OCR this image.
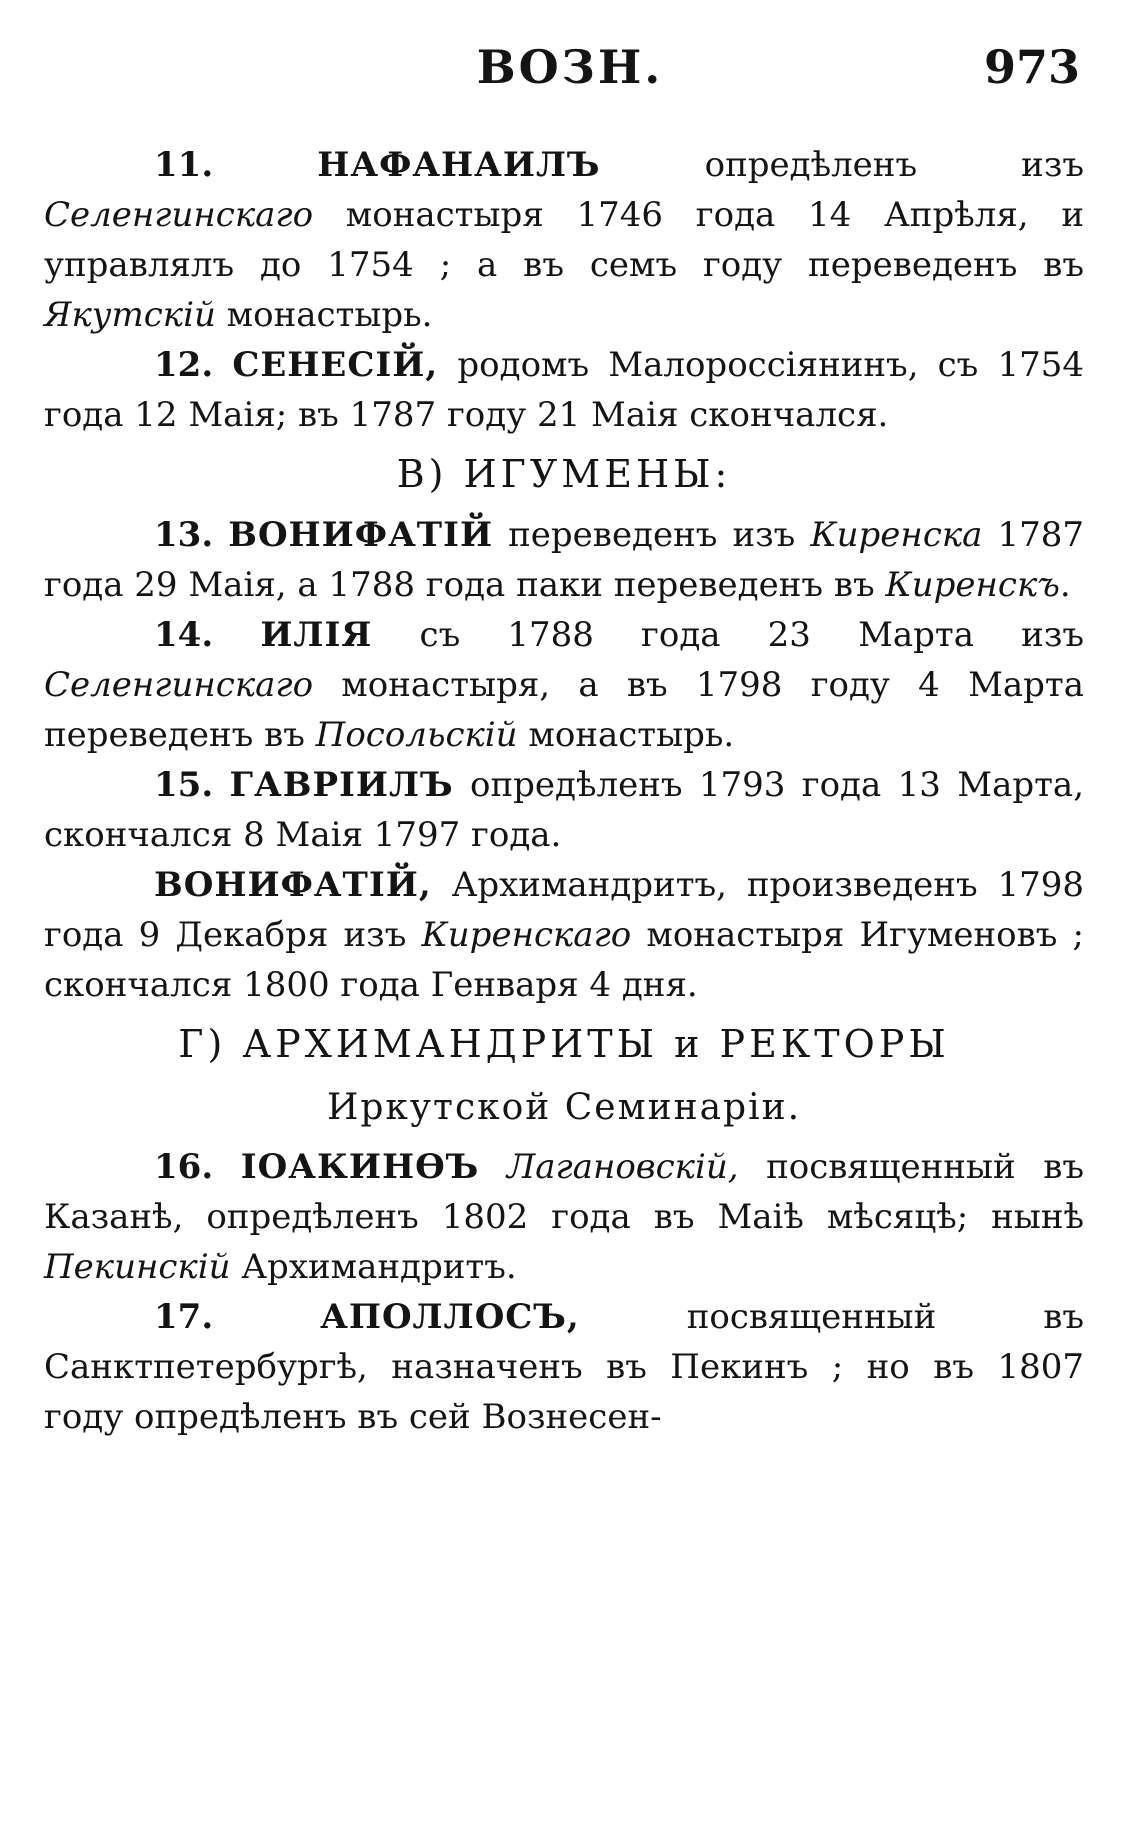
ВОЗН.	973

11.	НАФАНАИЛЪ опредѣленъ изъ Селенгинскаго монастыря 1746 года 14 Апрѣля, и управлялъ до 1754 ; а въ семъ году переведенъ въ Якутскій монастырь.

12. СЕНЕСІЙ, родомъ Малороссіянинъ, съ 1754 года 12 Маія; въ 1787 году 21 Маія скончался.

В) ИГУМЕНЫ:

13. ВОНИФАТІЙ переведенъ изъ Киренска 1787 года 29 Маія, а 1788 года паки переведенъ въ Киренскъ.

14. ИЛІЯ съ 1788 года 23 Марта изъ Селенгинскаго монастыря, а въ 1798 году 4 Марта переведенъ въ Посольскій монастырь.

15. ГАВРІИЛЪ опредѣленъ 1793 года 13 Марта, скончался 8 Маія 1797 года.

ВОНИФАТІЙ, Архимандритъ, произведенъ 1798 года 9 Декабря изъ Киренскаго монастыря Игуменовъ ; скончался 1800 года Генваря 4 дня.

Г) АРХИМАНДРИТЫ и РЕКТОРЫ
Иркутской Семинаріи.

16. ІОАКИНѲЪ Лагановскій, посвященный въ Казанѣ, опредѣленъ 1802 года въ Маіѣ мѣсяцѣ; нынѣ Пекинскій Архимандритъ.

17.	АПОЛЛОСЪ, посвященный въ Санктпетербургѣ, назначенъ въ Пекинъ ; но въ 1807 году опредѣленъ въ сей Вознесен-
